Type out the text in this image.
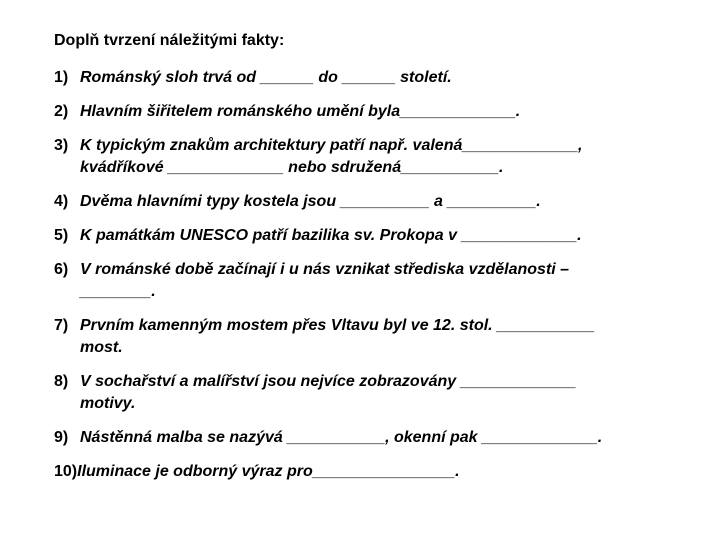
Doplň tvrzení náležitými fakty:
1) Románský sloh trvá od ______ do ______ století.
2) Hlavním šiřitelem románského umění byla_____________.
3) K typickým znakům architektury patří např. valená_____________,
kvádříkové _____________ nebo sdružená___________.
4) Dvěma hlavními typy kostela jsou __________ a __________.
5) K památkám UNESCO patří bazilika sv. Prokopa v _____________.
6) V románské době začínají i u nás vznikat střediska vzdělanosti –
________.
7) Prvním kamenným mostem přes Vltavu byl ve 12. stol. ___________
most.
8) V sochařství a malířství jsou nejvíce zobrazovány _____________
motivy.
9) Nástěnná malba se nazývá ___________, okenní pak _____________.
10) Iluminace je odborný výraz pro________________.
